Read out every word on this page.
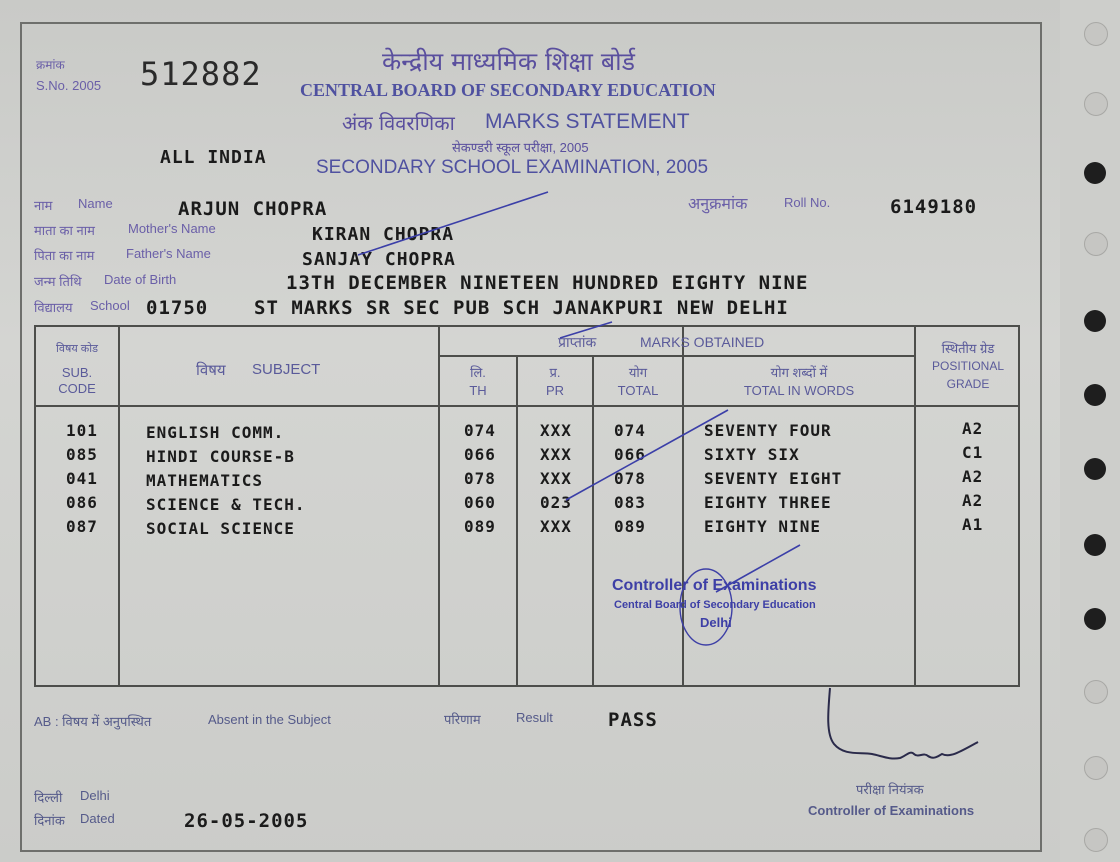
क्रमांक
S.No. 2005 512882	केन्द्रीय माध्यमिक शिक्षा बोर्ड
CENTRAL BOARD OF SECONDARY EDUCATION
अंक विवरणिका MARKS STATEMENT
सेकण्डरी स्कूल परीक्षा, 2005
SECONDARY SCHOOL EXAMINATION, 2005
ALL INDIA
नाम Name	ARJUN CHOPRA	अनुक्रमांक	Roll No.	6149180
माता का नाम	Mother's Name	KIRAN CHOPRA
पिता का नाम Father's Name	SANJAY CHOPRA
जन्म तिथि Date of Birth	13TH DECEMBER NINETEEN HUNDRED EIGHTY NINE
विद्यालय School 01750 ST MARKS SR SEC PUB SCH JANAKPURI NEW DELHI
विषय कोड
SUB.
CODE
विषय SUBJECT
प्राप्तांक	MARKS OBTAINED
लि.
TH
प्र.
PR
योग
TOTAL
योग शब्दों में
TOTAL IN WORDS
स्थितीय ग्रेड
POSITIONAL
GRADE
101	ENGLISH COMM.	074	XXX	074	SEVENTY FOUR	A2
085	HINDI COURSE-B	066	XXX	066	SIXTY SIX	C1
041	MATHEMATICS	078	XXX	078	SEVENTY EIGHT	A2
086	SCIENCE & TECH.	060	023	083	EIGHTY THREE	A2
087	SOCIAL SCIENCE	089	XXX	089	EIGHTY NINE	A1
Controller of Examinations
Central Board of Secondary Education
Delhi
AB : विषय में अनुपस्थित	Absent in the Subject	परिणाम	Result	PASS
दिल्ली Delhi
दिनांक Dated	26-05-2005
परीक्षा नियंत्रक
Controller of Examinations
